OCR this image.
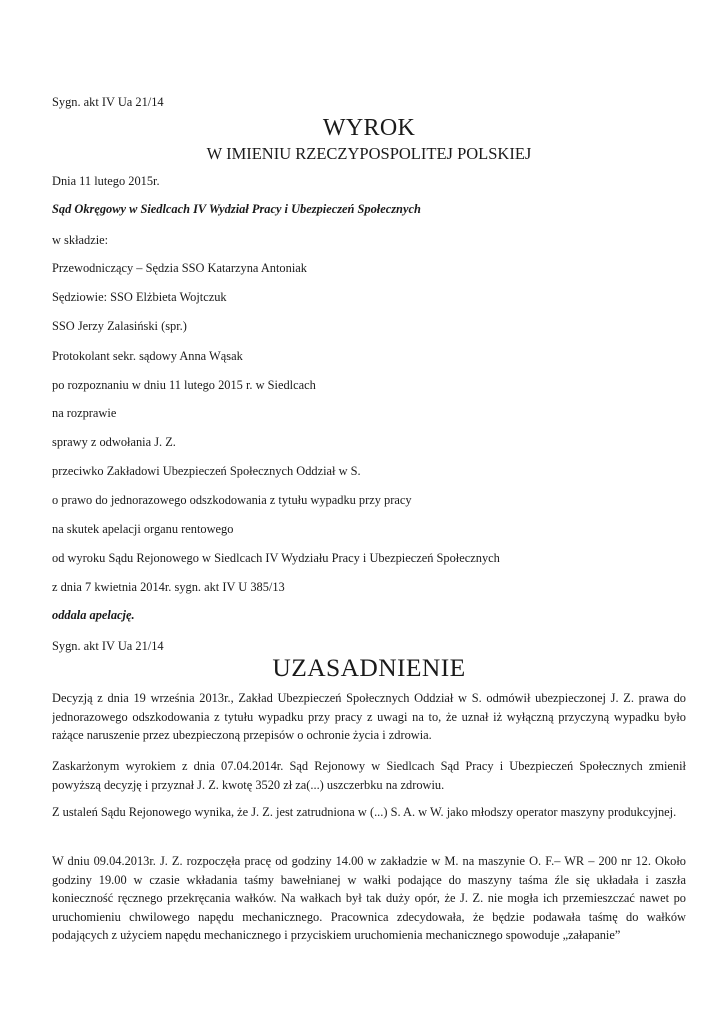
Sygn. akt IV Ua 21/14
WYROK
W IMIENIU RZECZYPOSPOLITEJ POLSKIEJ
Dnia 11 lutego 2015r.
Sąd Okręgowy w Siedlcach IV Wydział Pracy i Ubezpieczeń Społecznych
w składzie:
Przewodniczący – Sędzia SSO Katarzyna Antoniak
Sędziowie: SSO Elżbieta Wojtczuk
SSO Jerzy Zalasiński (spr.)
Protokolant sekr. sądowy Anna Wąsak
po rozpoznaniu w dniu 11 lutego 2015 r. w Siedlcach
na rozprawie
sprawy z odwołania J. Z.
przeciwko Zakładowi Ubezpieczeń Społecznych Oddział w S.
o prawo do jednorazowego odszkodowania z tytułu wypadku przy pracy
na skutek apelacji organu rentowego
od wyroku Sądu Rejonowego w Siedlcach IV Wydziału Pracy i Ubezpieczeń Społecznych
z dnia 7 kwietnia 2014r. sygn. akt IV U 385/13
oddala apelację.
Sygn. akt IV Ua 21/14
UZASADNIENIE
Decyzją z dnia 19 września 2013r., Zakład Ubezpieczeń Społecznych Oddział w S. odmówił ubezpieczonej J. Z. prawa do jednorazowego odszkodowania z tytułu wypadku przy pracy z uwagi na to, że uznał iż wyłączną przyczyną wypadku było rażące naruszenie przez ubezpieczoną przepisów o ochronie życia i zdrowia.
Zaskarżonym wyrokiem z dnia 07.04.2014r. Sąd Rejonowy w Siedlcach Sąd Pracy i Ubezpieczeń Społecznych zmienił powyższą decyzję i przyznał J. Z. kwotę 3520 zł za(...) uszczerbku na zdrowiu.
Z ustaleń Sądu Rejonowego wynika, że J. Z. jest zatrudniona w (...) S. A. w W. jako młodszy operator maszyny produkcyjnej.
W dniu 09.04.2013r. J. Z. rozpoczęła pracę od godziny 14.00 w zakładzie w M. na maszynie O. F.– WR – 200 nr 12. Około godziny 19.00 w czasie wkładania taśmy bawełnianej w wałki podające do maszyny taśma źle się układała i zaszła konieczność ręcznego przekręcania wałków. Na wałkach był tak duży opór, że J. Z. nie mogła ich przemieszczać nawet po uruchomieniu chwilowego napędu mechanicznego. Pracownica zdecydowała, że będzie podawała taśmę do wałków podających z użyciem napędu mechanicznego i przyciskiem uruchomienia mechanicznego spowoduje „załapanie”
